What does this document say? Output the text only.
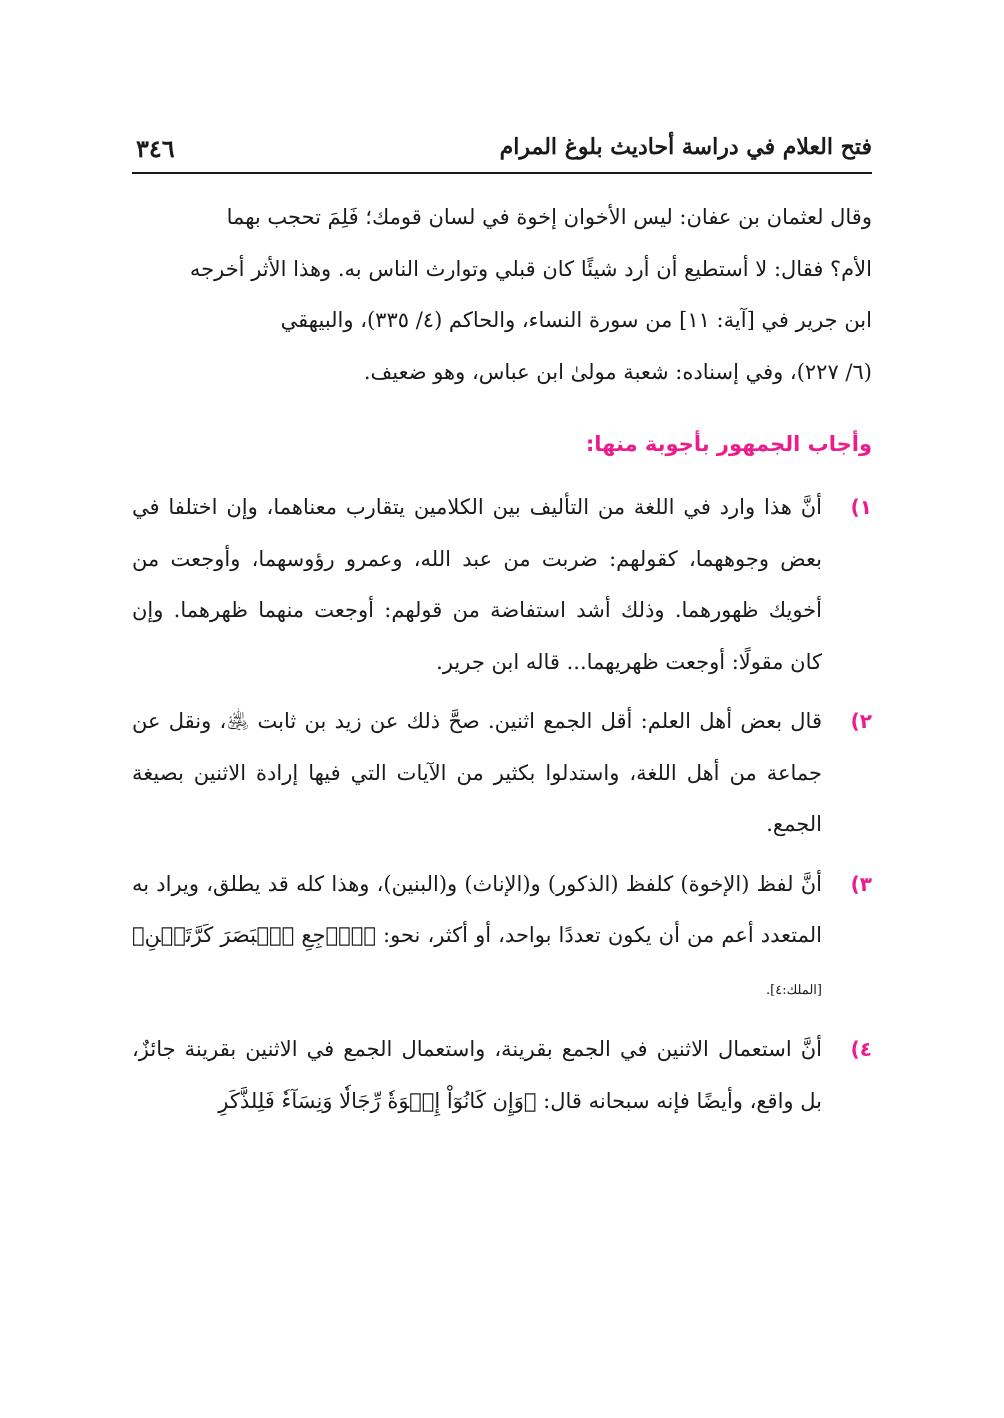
فتح العلام في دراسة أحاديث بلوغ المرام
٣٤٦

وقال لعثمان بن عفان: ليس الأخوان إخوة في لسان قومك؛ فَلِمَ تحجب بهما

الأم؟ فقال: لا أستطيع أن أرد شيئًا كان قبلي وتوارث الناس به. وهذا الأثر أخرجه

ابن جرير في [آية: ١١] من سورة النساء، والحاكم (٤/ ٣٣٥)، والبيهقي

(٦/ ٢٢٧)، وفي إسناده: شعبة مولىٰ ابن عباس، وهو ضعيف.

وأجاب الجمهور بأجوبة منها:
١)
أنَّ هذا وارد في اللغة من التأليف بين الكلامين يتقارب معناهما، وإن اختلفا في بعض وجوههما، كقولهم: ضربت من عبد الله، وعمرو رؤوسهما، وأوجعت من أخويك ظهورهما. وذلك أشد استفاضة من قولهم: أوجعت منهما ظهرهما. وإن كان مقولًا: أوجعت ظهريهما... قاله ابن جرير.
٢)
قال بعض أهل العلم: أقل الجمع اثنين. صحَّ ذلك عن زيد بن ثابت ﵁، ونقل عن جماعة من أهل اللغة، واستدلوا بكثير من الآيات التي فيها إرادة الاثنين بصيغة الجمع.
٣)
أنَّ لفظ (الإخوة) كلفظ (الذكور) و(الإناث) و(البنين)، وهذا كله قد يطلق، ويراد به المتعدد أعم من أن يكون تعددًا بواحد، أو أكثر، نحو: ﴿ٱرۡجِعِ ٱلۡبَصَرَ كَرَّتَيۡنِ﴾ [الملك:٤].
٤)
أنَّ استعمال الاثنين في الجمع بقرينة، واستعمال الجمع في الاثنين بقرينة جائزٌ، بل واقع، وأيضًا فإنه سبحانه قال: ﴿وَإِن كَانُوٓاْ إِخۡوَةٗ رِّجَالٗا وَنِسَآءٗ فَلِلذَّكَرِ
